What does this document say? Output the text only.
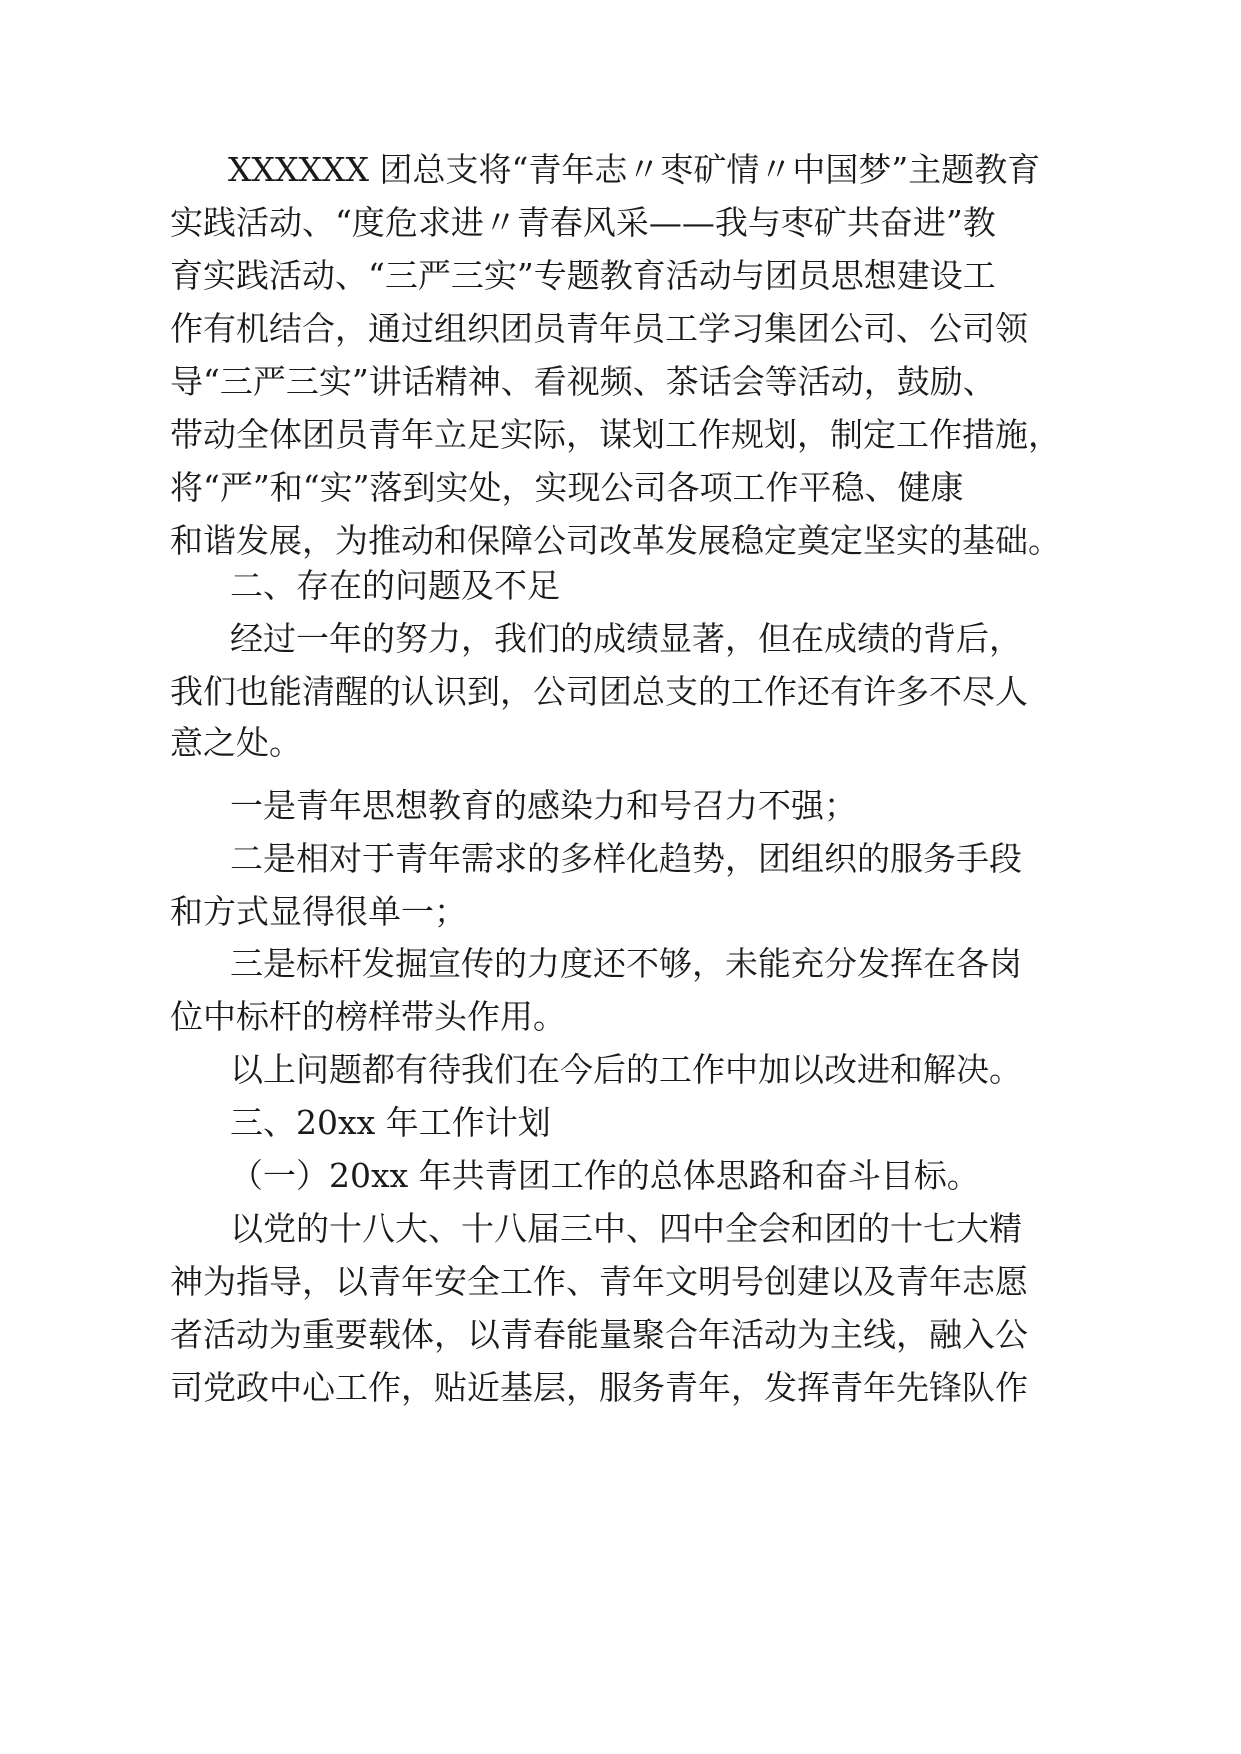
XXXXXX 团总支将“青年志〃枣矿情〃中国梦”主题教育

实践活动、“度危求进〃青春风采——我与枣矿共奋进”教

育实践活动、“三严三实”专题教育活动与团员思想建设工

作有机结合，通过组织团员青年员工学习集团公司、公司领

导“三严三实”讲话精神、看视频、茶话会等活动，鼓励、

带动全体团员青年立足实际，谋划工作规划，制定工作措施，

将“严”和“实”落到实处，实现公司各项工作平稳、健康

和谐发展，为推动和保障公司改革发展稳定奠定坚实的基础。

二、存在的问题及不足

经过一年的努力，我们的成绩显著，但在成绩的背后，

我们也能清醒的认识到，公司团总支的工作还有许多不尽人

意之处。

一是青年思想教育的感染力和号召力不强；

二是相对于青年需求的多样化趋势，团组织的服务手段

和方式显得很单一；

三是标杆发掘宣传的力度还不够，未能充分发挥在各岗

位中标杆的榜样带头作用。

以上问题都有待我们在今后的工作中加以改进和解决。

三、20xx 年工作计划

（一）20xx 年共青团工作的总体思路和奋斗目标。

以党的十八大、十八届三中、四中全会和团的十七大精

神为指导，以青年安全工作、青年文明号创建以及青年志愿

者活动为重要载体，以青春能量聚合年活动为主线，融入公

司党政中心工作，贴近基层，服务青年，发挥青年先锋队作
